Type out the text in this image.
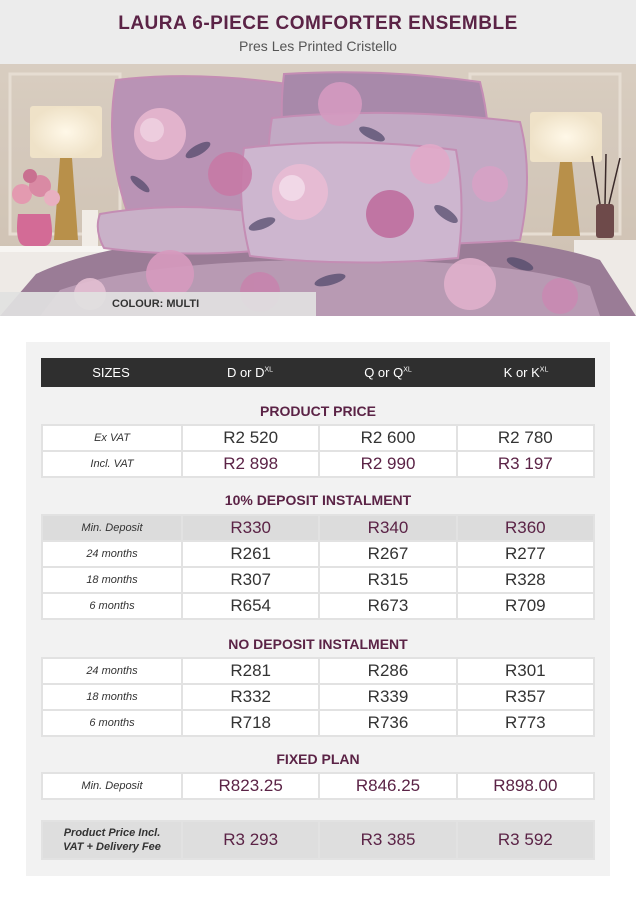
LAURA 6-PIECE COMFORTER ENSEMBLE
Pres Les Printed Cristello
COLOUR: MULTI
SIZES	D or $D^{XL}$	Q or $Q^{XL}$	K or $K^{XL}$
PRODUCT PRICE
Ex VAT	R2 520	R2 600	R2 780
Incl. VAT	R2 898	R2 990	R3 197
10% DEPOSIT INSTALMENT
Min. Deposit	R330	R340	R360
24 months	R261	R267	R277
18 months	R307	R315	R328
6 months	R654	R673	R709
NO DEPOSIT INSTALMENT
24 months	R281	R286	R301
18 months	R332	R339	R357
6 months	R718	R736	R773
FIXED PLAN
Min. Deposit	R823.25	R846.25	R898.00
Product Price Incl.
VAT + Delivery Fee	R3 293	R3 385	R3 592
